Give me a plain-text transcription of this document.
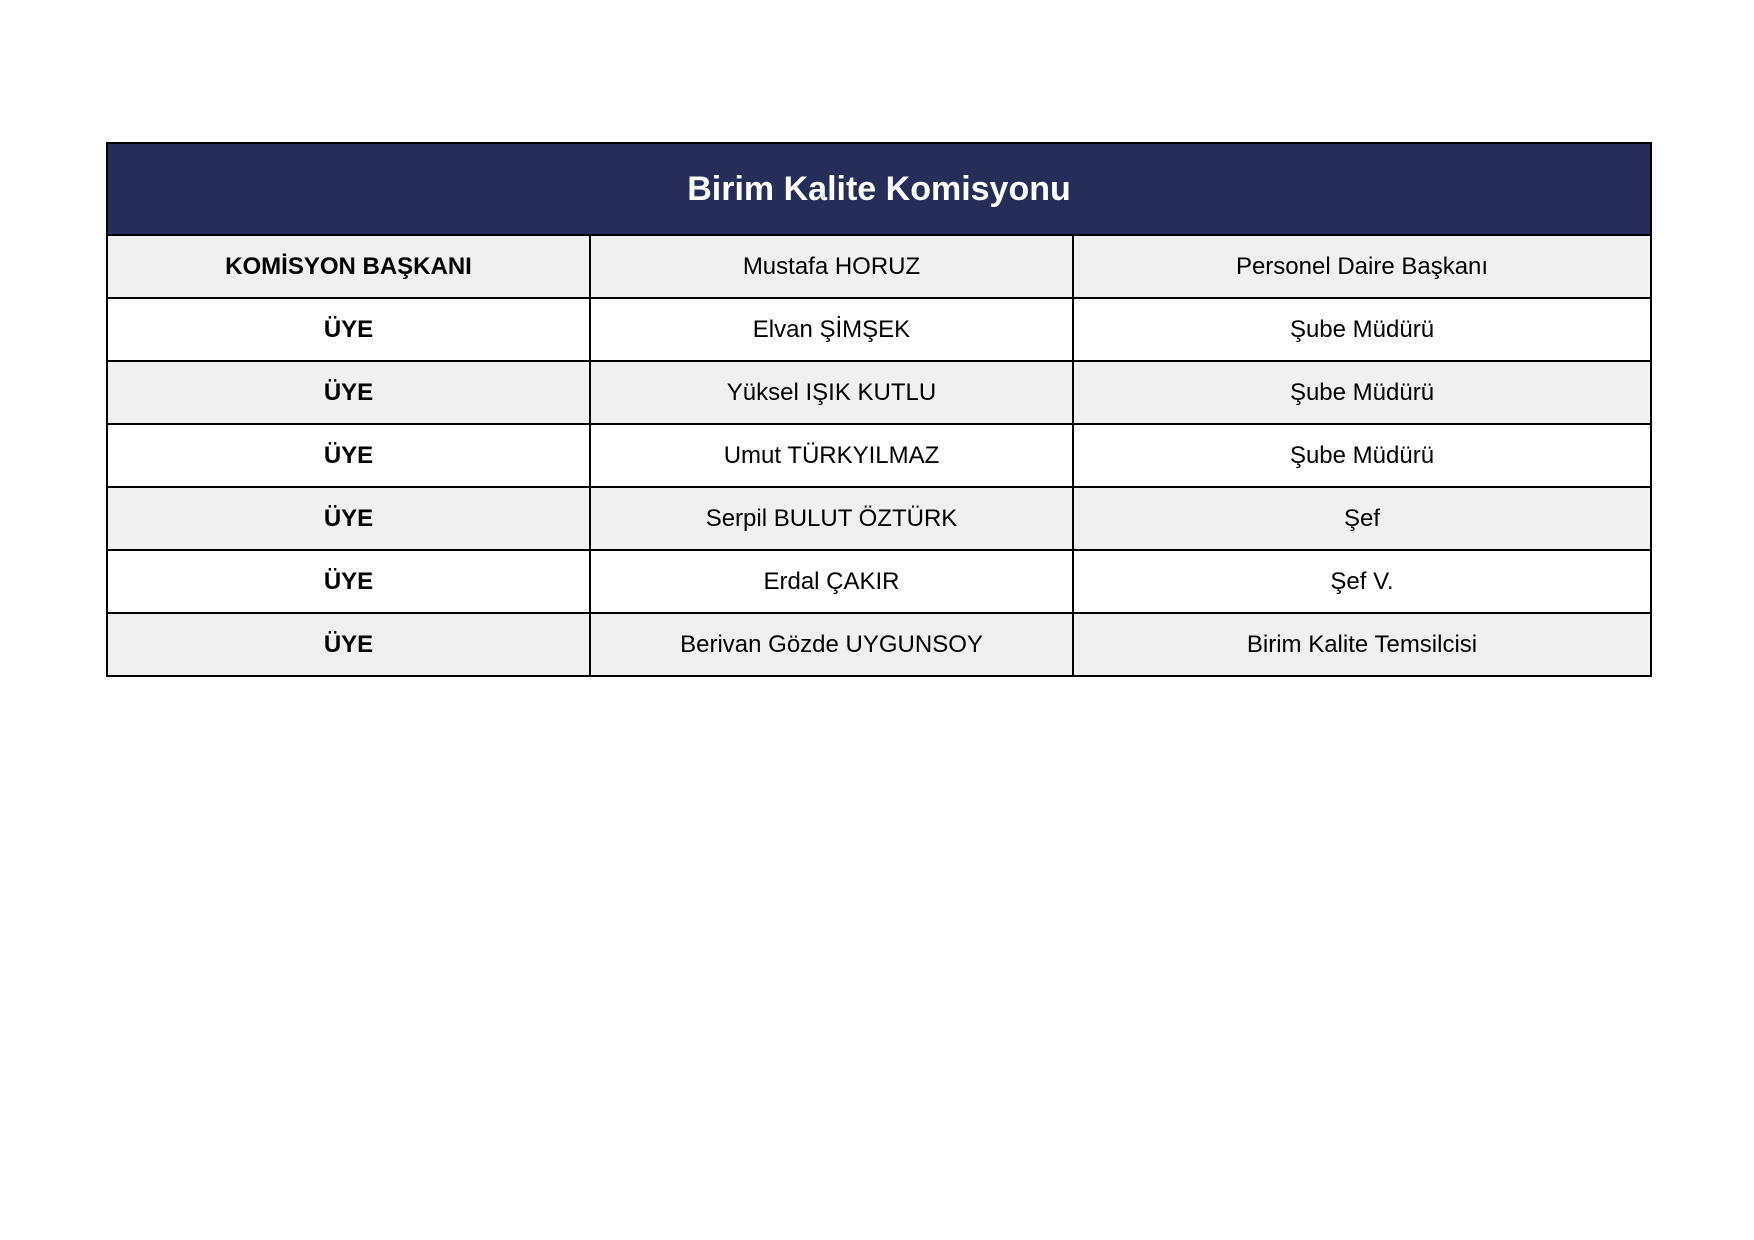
Birim Kalite Komisyonu		
KOMİSYON BAŞKANI	Mustafa HORUZ	Personel Daire Başkanı
ÜYE	Elvan ŞİMŞEK	Şube Müdürü
ÜYE	Yüksel IŞIK KUTLU	Şube Müdürü
ÜYE	Umut TÜRKYILMAZ	Şube Müdürü
ÜYE	Serpil BULUT ÖZTÜRK	Şef
ÜYE	Erdal ÇAKIR	Şef V.
ÜYE	Berivan Gözde UYGUNSOY	Birim Kalite Temsilcisi
